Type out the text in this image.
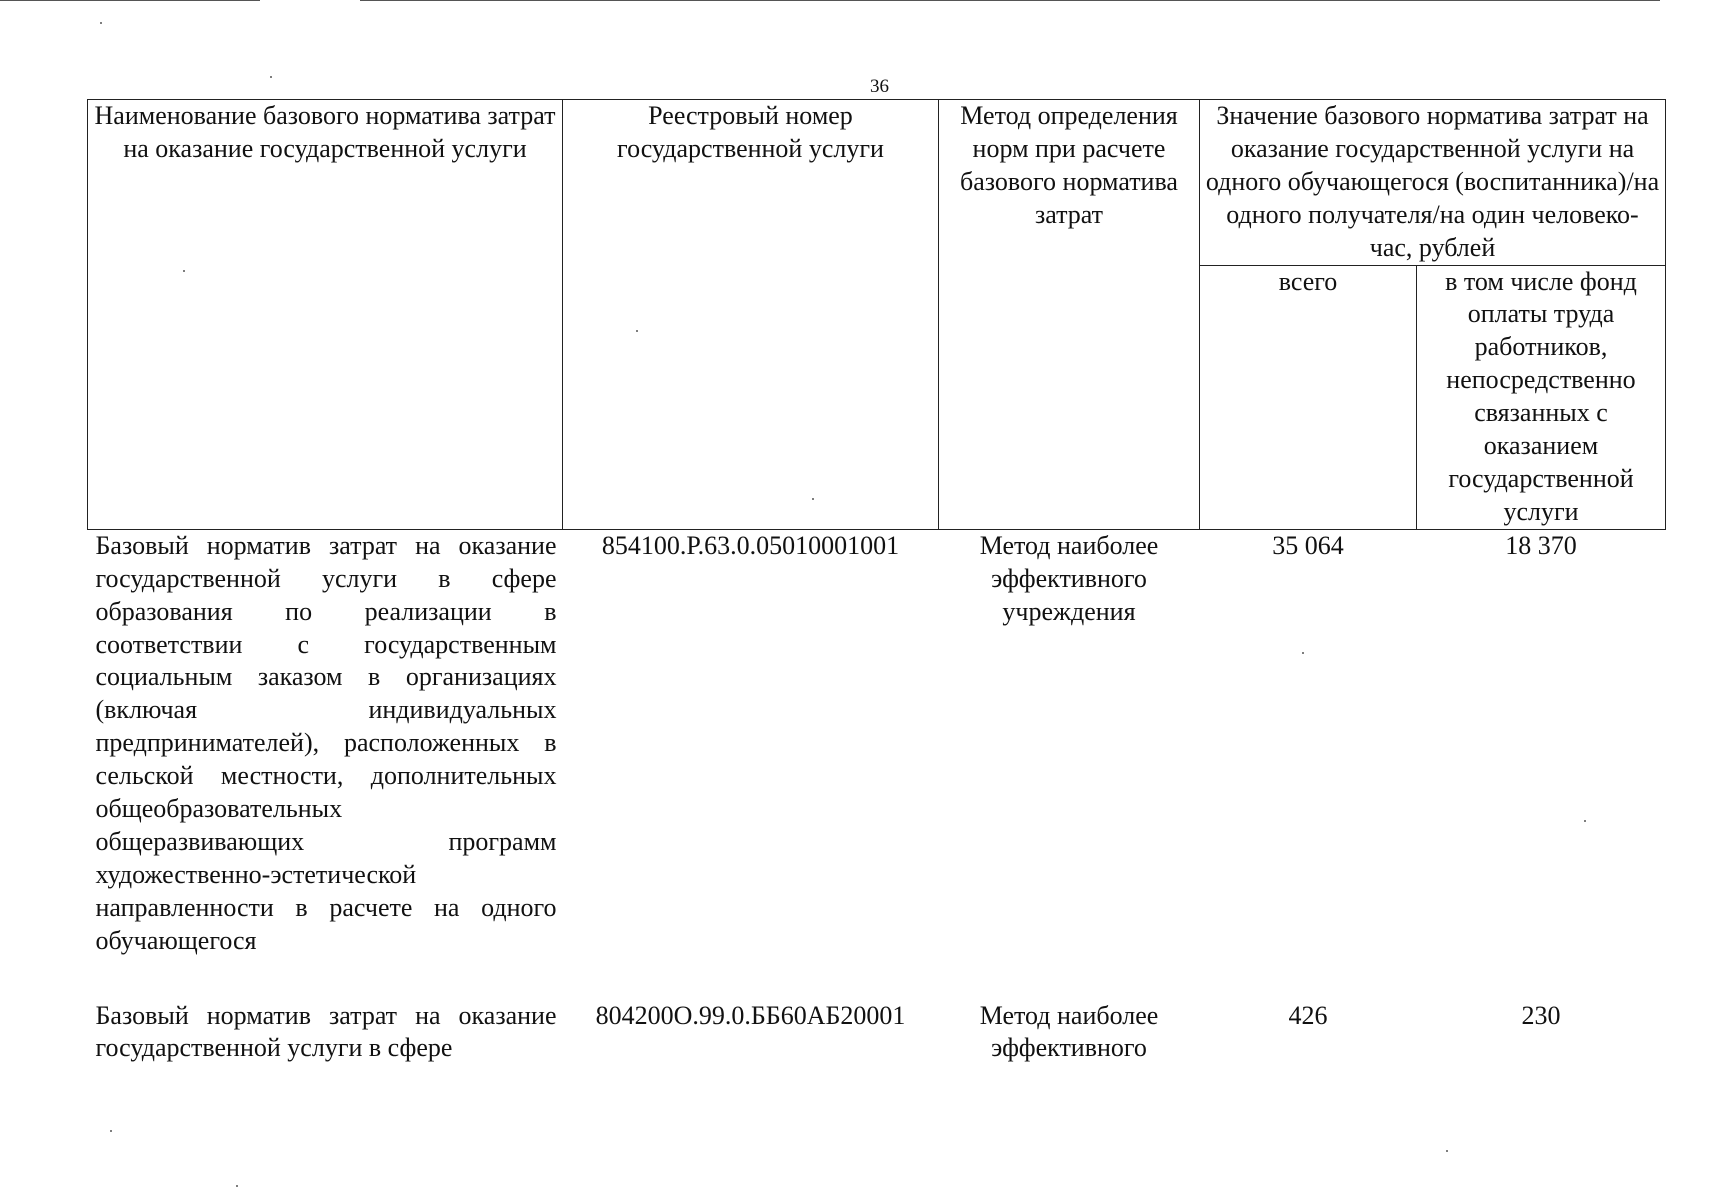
36
Наименование базового норматива затрат на оказание государственной услуги	Реестровый номер государственной услуги	Метод определения норм при расчете базового норматива затрат	Значение базового норматива затрат на оказание государственной услуги на одного обучающегося (воспитанника)/на одного получателя/на один человеко-час, рублей	
			всего	в том числе фонд оплаты труда работников, непосредственно связанных с оказанием государственной услуги
Базовый норматив затрат на оказание государственной услуги в сфере образования по реализации в соответствии с государственным социальным заказом в организациях (включая индивидуальных предпринимателей), расположенных в сельской местности, дополнительных общеобразовательных общеразвивающих программ художественно-эстетической направленности в расчете на одного обучающегося	854100.Р.63.0.05010001001	Метод наиболее эффективного учреждения	35 064	18 370
Базовый норматив затрат на оказание государственной услуги в сфере	804200О.99.0.ББ60АБ20001	Метод наиболее эффективного	426	230
